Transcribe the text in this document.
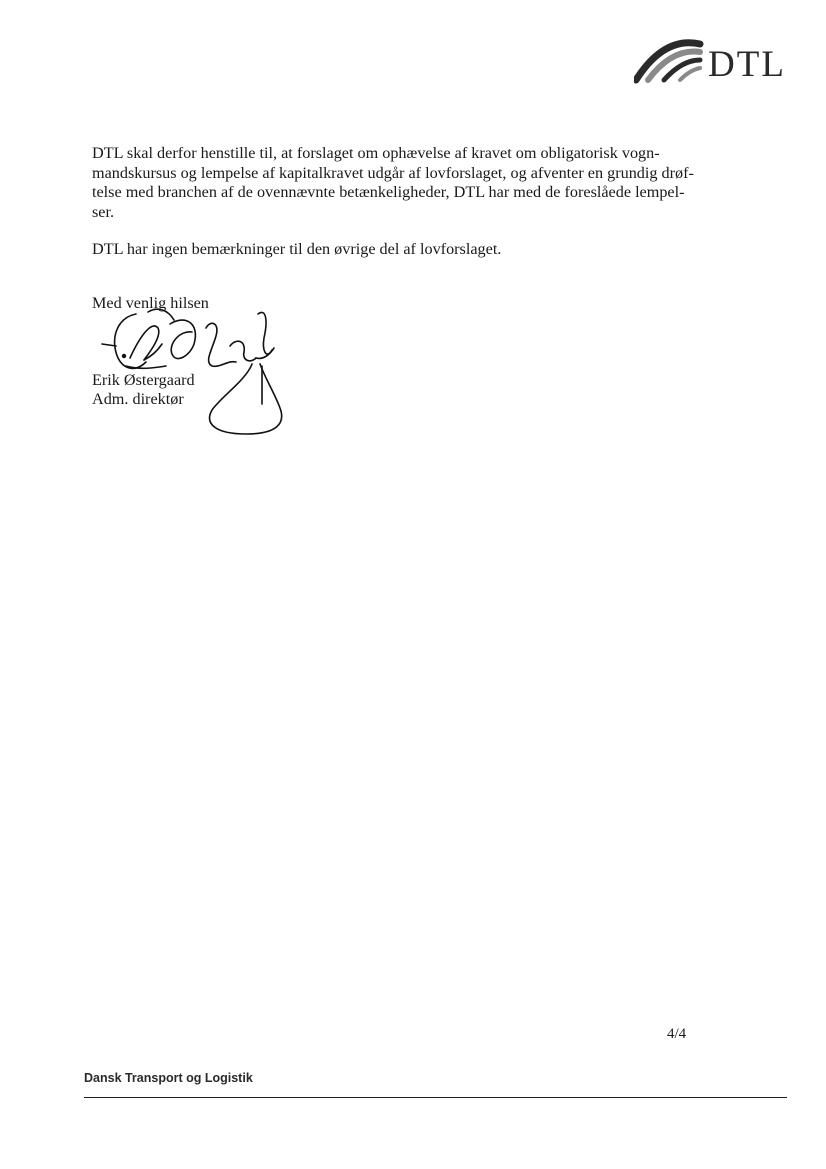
DTL
DTL skal derfor henstille til, at forslaget om ophævelse af kravet om obligatorisk vogn-
mandskursus og lempelse af kapitalkravet udgår af lovforslaget, og afventer en grundig drøf-
telse med branchen af de ovennævnte betænkeligheder, DTL har med de foreslåede lempel-
ser.
DTL har ingen bemærkninger til den øvrige del af lovforslaget.
Med venlig hilsen
Erik Østergaard
Adm. direktør
4/4
Dansk Transport og Logistik
